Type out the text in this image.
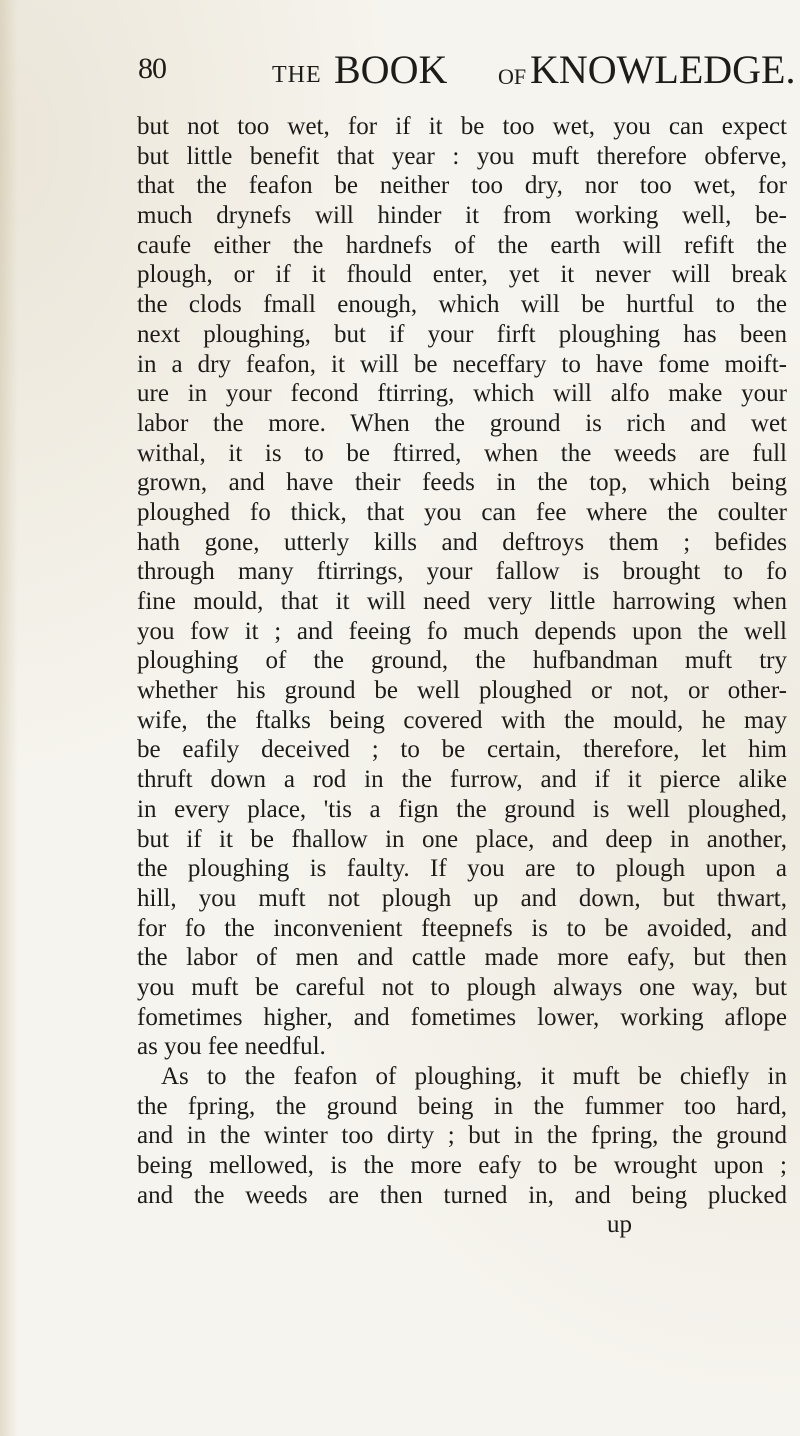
80	THE BOOK OF KNOWLEDGE.
but not too wet, for if it be too wet, you can expect
but little benefit that year : you muft therefore obferve,
that the feafon be neither too dry, nor too wet, for
much drynefs will hinder it from working well, be-
caufe either the hardnefs of the earth will refift the
plough, or if it fhould enter, yet it never will break
the clods fmall enough, which will be hurtful to the
next ploughing, but if your firft ploughing has been
in a dry feafon, it will be neceffary to have fome moift-
ure in your fecond ftirring, which will alfo make your
labor the more. When the ground is rich and wet
withal, it is to be ftirred, when the weeds are full
grown, and have their feeds in the top, which being
ploughed fo thick, that you can fee where the coulter
hath gone, utterly kills and deftroys them ; befides
through many ftirrings, your fallow is brought to fo
fine mould, that it will need very little harrowing when
you fow it ; and feeing fo much depends upon the well
ploughing of the ground, the hufbandman muft try
whether his ground be well ploughed or not, or other-
wife, the ftalks being covered with the mould, he may
be eafily deceived ; to be certain, therefore, let him
thruft down a rod in the furrow, and if it pierce alike
in every place, 'tis a fign the ground is well ploughed,
but if it be fhallow in one place, and deep in another,
the ploughing is faulty. If you are to plough upon a
hill, you muft not plough up and down, but thwart,
for fo the inconvenient fteepnefs is to be avoided, and
the labor of men and cattle made more eafy, but then
you muft be careful not to plough always one way, but
fometimes higher, and fometimes lower, working aflope
as you fee needful.
As to the feafon of ploughing, it muft be chiefly in
the fpring, the ground being in the fummer too hard,
and in the winter too dirty ; but in the fpring, the ground
being mellowed, is the more eafy to be wrought upon ;
and the weeds are then turned in, and being plucked
up
